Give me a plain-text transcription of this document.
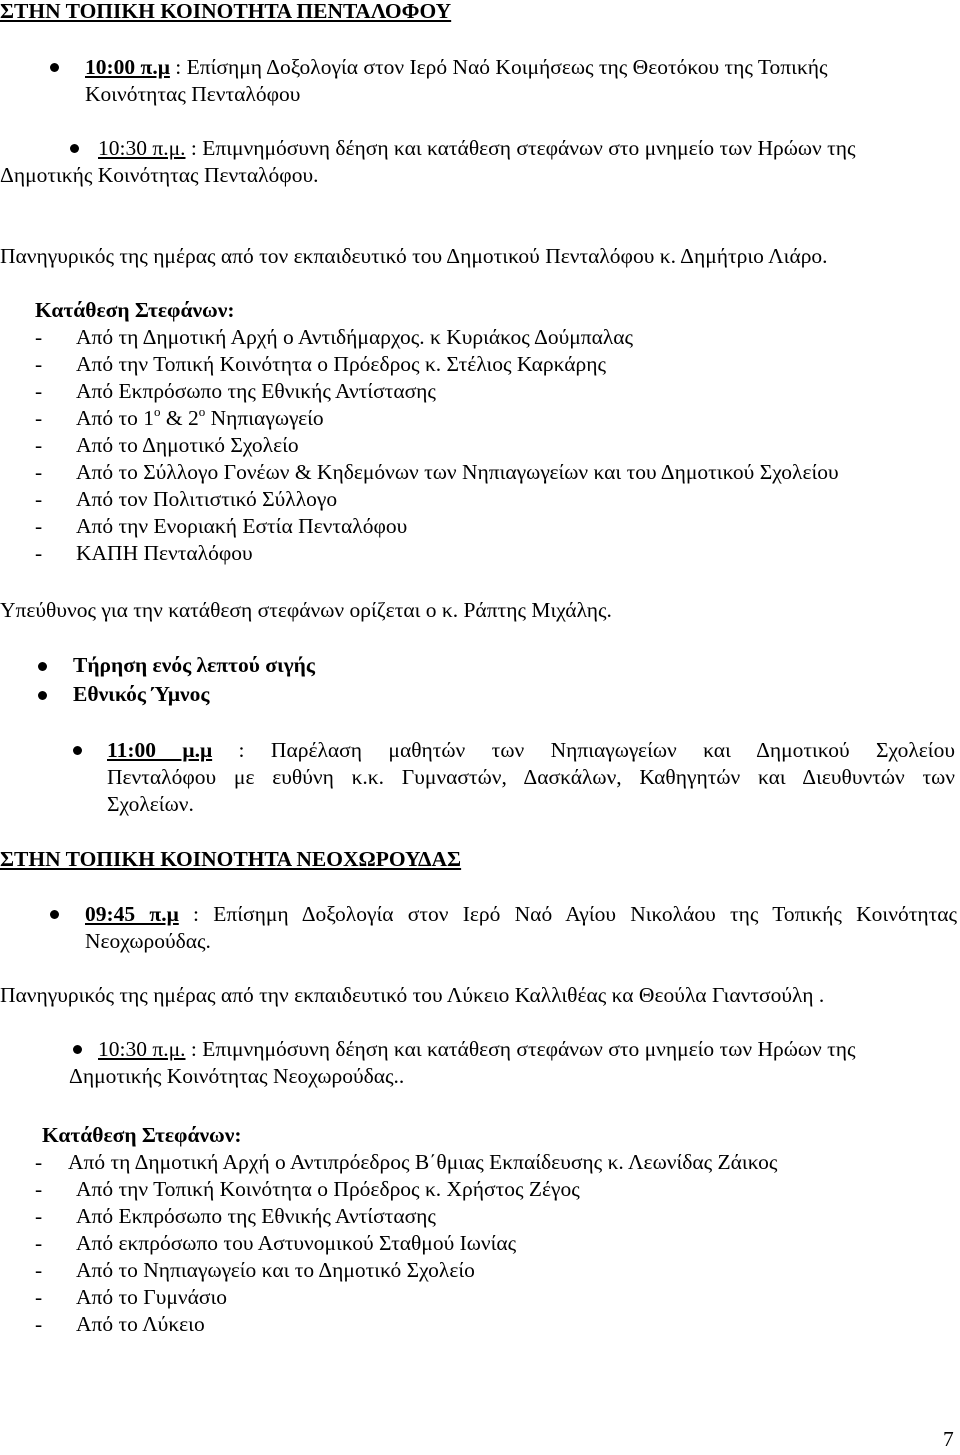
ΣΤΗΝ ΤΟΠΙΚΗ ΚΟΙΝΟΤΗΤΑ ΠΕΝΤΑΛΟΦΟΥ
10:00 π.μ : Επίσημη Δοξολογία στον Ιερό Ναό Κοιμήσεως της Θεοτόκου της Τοπικής
Κοινότητας Πενταλόφου
10:30 π.μ. : Επιμνημόσυνη δέηση και κατάθεση στεφάνων στο μνημείο των Ηρώων της
Δημοτικής Κοινότητας Πενταλόφου.
Πανηγυρικός της ημέρας από τον εκπαιδευτικό του Δημοτικού Πενταλόφου κ. Δημήτριο Λιάρο.
Κατάθεση Στεφάνων:
- Από τη Δημοτική Αρχή ο Αντιδήμαρχος. κ Κυριάκος Δούμπαλας
- Από την Τοπική Κοινότητα ο Πρόεδρος κ. Στέλιος Καρκάρης
- Από Εκπρόσωπο της Εθνικής Αντίστασης
- Από το $1^o$ & $2^o$ Νηπιαγωγείο
- Από το Δημοτικό Σχολείο
- Από το Σύλλογο Γονέων & Κηδεμόνων των Νηπιαγωγείων και του Δημοτικού Σχολείου
- Από τον Πολιτιστικό Σύλλογο
- Από την Ενοριακή Εστία Πενταλόφου
- ΚΑΠΗ Πενταλόφου
Υπεύθυνος για την κατάθεση στεφάνων ορίζεται ο κ. Ράπτης Μιχάλης.
Τήρηση ενός λεπτού σιγής
Εθνικός Ύμνος
11:00 μ.μ : Παρέλαση μαθητών των Νηπιαγωγείων και Δημοτικού Σχολείου
Πενταλόφου με ευθύνη κ.κ. Γυμναστών, Δασκάλων, Καθηγητών και Διευθυντών των
Σχολείων.
ΣΤΗΝ ΤΟΠΙΚΗ ΚΟΙΝΟΤΗΤΑ ΝΕΟΧΩΡΟΥΔΑΣ
09:45 π.μ : Επίσημη Δοξολογία στον Ιερό Ναό Αγίου Νικολάου της Τοπικής Κοινότητας
Νεοχωρούδας.
Πανηγυρικός της ημέρας από την εκπαιδευτικό του Λύκειο Καλλιθέας κα Θεούλα Γιαντσούλη .
10:30 π.μ. : Επιμνημόσυνη δέηση και κατάθεση στεφάνων στο μνημείο των Ηρώων της
Δημοτικής Κοινότητας Νεοχωρούδας..
Κατάθεση Στεφάνων:
- Από τη Δημοτική Αρχή ο Αντιπρόεδρος Β΄θμιας Εκπαίδευσης κ. Λεωνίδας Ζάικος
- Από την Τοπική Κοινότητα ο Πρόεδρος κ. Χρήστος Ζέγος
- Από Εκπρόσωπο της Εθνικής Αντίστασης
- Από εκπρόσωπο του Αστυνομικού Σταθμού Ιωνίας
- Από το Νηπιαγωγείο και το Δημοτικό Σχολείο
- Από το Γυμνάσιο
- Από το Λύκειο
7
